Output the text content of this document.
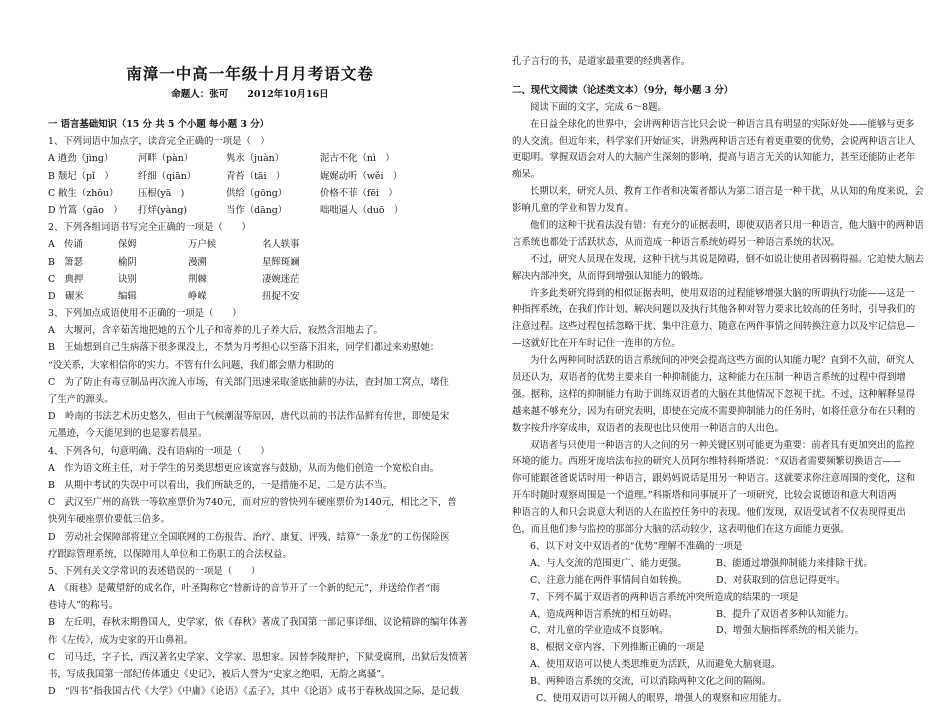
南漳一中高一年级十月月考语文卷
命题人：张可　　2012年10月16日
一 语言基础知识（15 分 共 5 个小题 每小题 3 分）
1、下列词语中加点字，读音完全正确的一项是（　）
A 遒劲（jìng）	河畔（pàn）	隽永（juàn）	泥古不化（nì　）
B 颓圮（pǐ　）	纤细（qiān）	青苔（tāi　）	娓娓动听（wěi　）
C 敝生（zhōu）	压根(yā　)	供给（gōng）	价格不菲（fēi　）
D 竹篙（gāo　）	打烊(yàng)	当作（dāng）	咄咄逼人（duō　）
2、下列各组词语书写完全正确的一项是（　　）
A　传诵	保姆	万户候	名人轶事
B　箫瑟	榆阴	漫溯	星辉斑斓
C　典押	诀别	荆棘	凄婉迷茫
D　碾米	编辑	峥嵘	扭捉不安
3、下列加点成语使用不正确的一项是（　　）
A　大堰河，含辛茹苦地把她的五个儿子和寄养的儿子养大后，寂然含泪地去了。
B　王灿想到自己生病落下很多课没上，不禁为月考担心以至落下泪来，同学们都过来劝慰她：
“没关系，大家相信你的实力。不管有什么问题，我们都会鼎力相助的
C　为了防止有毒豆制品再次流入市场，有关部门迅速采取釜底抽薪的办法，查封加工窝点，堵住
了生产的源头。
D　岭南的书法艺术历史悠久，但由于气候潮湿等原因，唐代以前的书法作品鲜有传世，即使是宋
元墨迹，今天能见到的也是寥若晨星。
4、下列各句，句意明确、没有语病的一项是（　　）
A　作为语文班主任，对于学生的另类思想更应该宽容与鼓励，从而为他们创造一个宽松自由。
B　从期中考试的失误中可以看出，我们所缺乏的，一是措施不足，二是方法不当。
C　武汉至广州的高铁一等软座票价为740元，而对应的曾快列车硬座票价为140元，相比之下，普
快列车硬座票价要低三倍多。
D　劳动社会保障部将建立全国联网的工伤报告、治疗、康复、评残、结算“一条龙”的工伤保险医
疗跟踪管理系统，以保障用人单位和工伤职工的合法权益。
5、下列有关文学常识的表述错误的一项是（　　）
A　《雨巷》是戴望舒的成名作，叶圣陶称它“替新诗的音节开了一个新的纪元”，并送给作者“雨
巷诗人”的称号。
B　左丘明，春秋末期鲁国人，史学家，依《春秋》著成了我国第一部记事详细、议论精辟的编年体著
作《左传》，成为史家的开山鼻祖。
C　司马迁，字子长，西汉著名史学家、文学家、思想家。因替李陵辩护，下狱受腐刑，出狱后发愤著
书，写成我国第一部纪传体通史《史记》，被后人誉为“史家之绝唱，无韵之离骚”。
D　“四书”指我国古代《大学》《中庸》《论语》《孟子》，其中《论语》成书于春秋战国之际，是记载
孔子言行的书，是道家最重要的经典著作。
二、现代文阅读（论述类文本）（9分，每小题 3 分）
阅读下面的文字，完成 6～8题。
在日益全球化的世界中，会讲两种语言比只会说一种语言具有明显的实际好处——能够与更多
的人交流。但近年来，科学家们开始证实，讲熟两种语言还有着更重要的优势，会说两种语言让人
更聪明。掌握双语会对人的大脑产生深刻的影响，提高与语言无关的认知能力，甚至还能防止老年
痴呆。
长期以来，研究人员、教育工作者和决策者都认为第二语言是一种干扰，从认知的角度来说，会
影响儿童的学业和智力发育。
他们的这种干扰看法没有错：有充分的证据表明，即使双语者只用一种语言，他大脑中的两种语
言系统也都处于活跃状态，从而造成一种语言系统妨碍另一种语言系统的状况。
不过，研究人员现在发现，这种干扰与其说是障碍，倒不如说让使用者因祸得福。它迫使大脑去
解决内部冲突，从而得到增强认知能力的锻炼。
许多此类研究得到的相似证据表明，使用双语的过程能够增强大脑的所谓执行功能——这是一
种指挥系统，在我们作计划、解决问题以及执行其他各种对智力要求比较高的任务时，引导我们的
注意过程。这些过程包括忽略干扰、集中注意力、随意在两件事情之间转换注意力以及牢记信息—
—这就好比在开车时记住一连串的方位。
为什么两种同时活跃的语言系统间的冲突会提高这些方面的认知能力呢？直到不久前，研究人
员还认为，双语者的优势主要来自一种抑制能力，这种能力在压制一种语言系统的过程中得到增
强。据称，这样的抑制能力有助于训练双语者的大脑在其他情况下忽视干扰。不过，这种解释显得
越来越不够充分，因为有研究表明，即使在完成不需要抑制能力的任务时，如将任意分布在只剩的
数字按升序穿成串，双语者的表现也比只使用一种语言的人出色。
双语者与只使用一种语言的人之间的另一种关键区别可能更为重要：前者具有更加突出的监控
环境的能力。西班牙庞培法布拉的研究人员阿尔维特科斯塔说：“双语者需要频繁切换语言——
你可能跟爸爸说话时用一种语言，跟妈妈说话是用另一种语言。这就要求你注意周围的变化，这和
开车时随时观察周围是一个道理。”科斯塔和同事展开了一项研究，比较会说德语和意大利语两
种语言的人和只会说意大利语的人在监控任务中的表现。他们发现，双语受试者不仅表现得更出
色，而且他们参与监控的那部分大脑的活动较少，这表明他们在这方面能力更强。
6、以下对文中双语者的“优势”理解不准确的一项是
A、与人交流的范围更广、能力更强。	B、能通过增强抑制能力来排除干扰。
C、注意力能在两件事情间自如转换。	D、对获取到的信息记得更牢。
7、下列不属于双语者的两种语言系统冲突所造成的结果的一项是
A、造成两种语言系统的相互妨碍。	B、提升了双语者多种认知能力。
C、对儿童的学业造成不良影响。	D、增强大脑指挥系统的相关能力。
8、根据文章内容，下列推断正确的一项是
A、使用双语可以使人类思维更为活跃，从而避免大脑衰退。
B、两种语言系统的交流，可以消除两种文化之间的隔阂。
C、使用双语可以开阔人的眼界，增强人的观察和应用能力。
